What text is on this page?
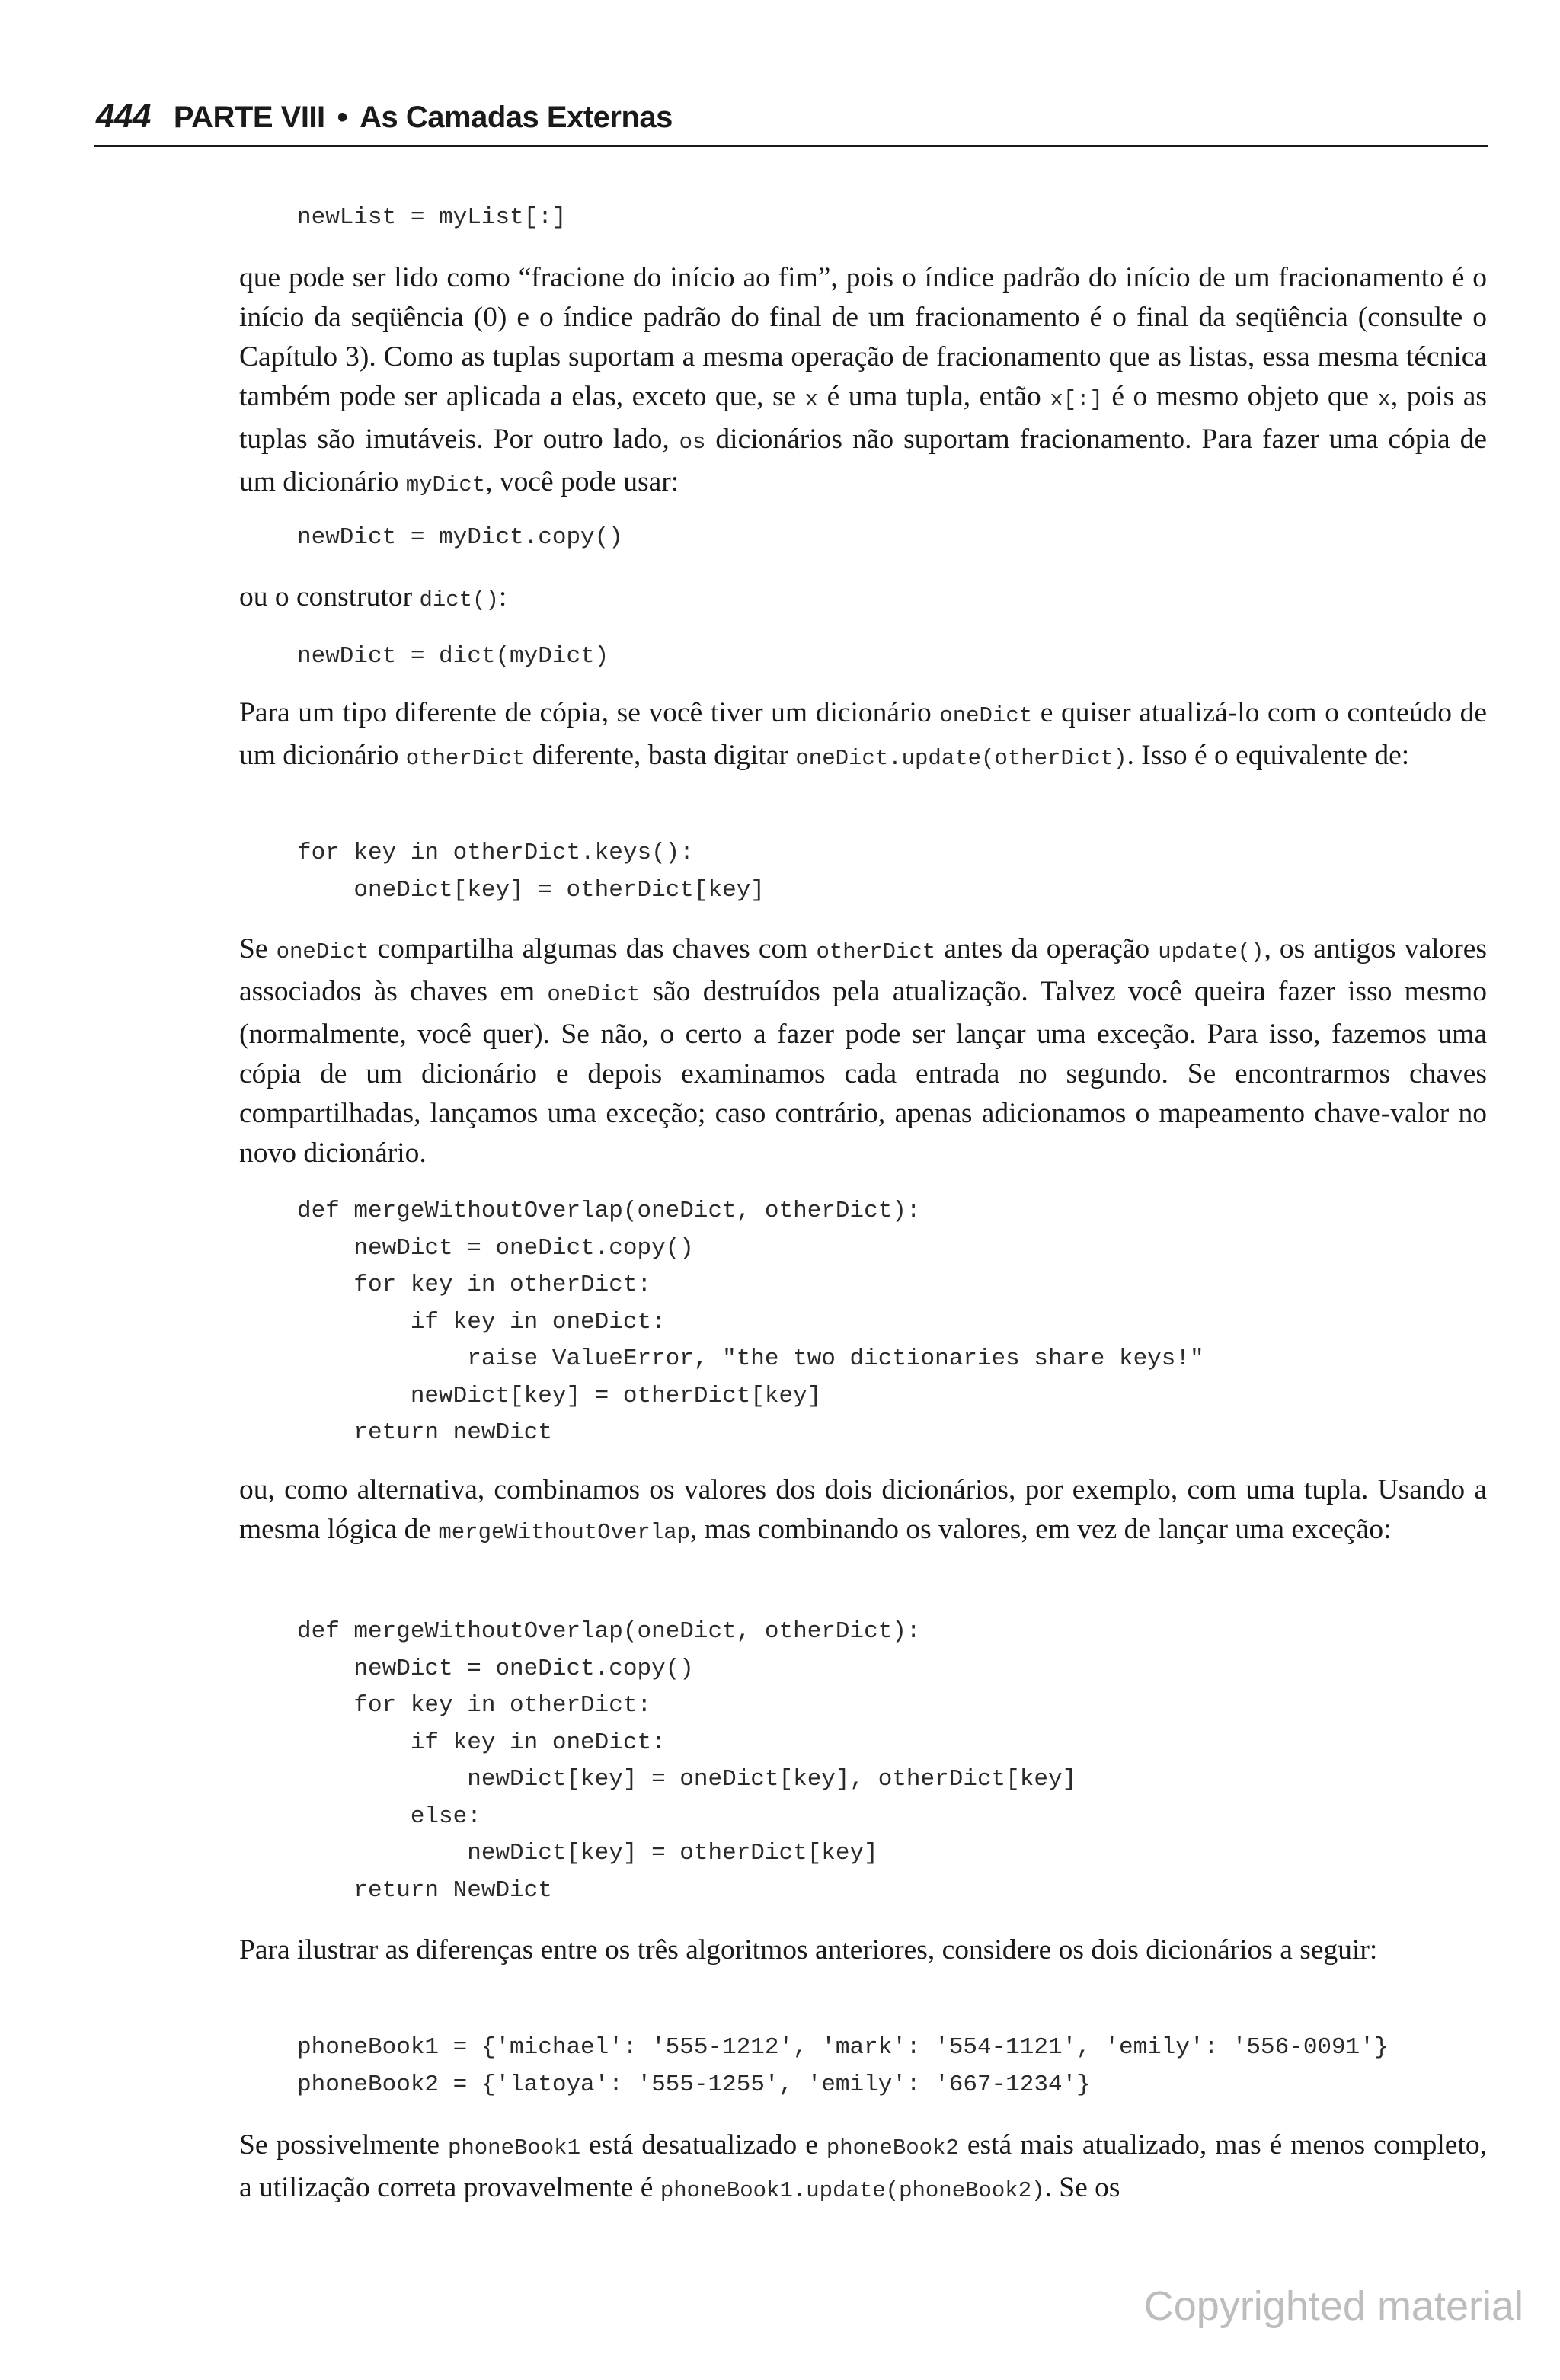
444 PARTE VIII • As Camadas Externas
newList = myList[:]

que pode ser lido como “fracione do início ao fim”, pois o índice padrão do início de um fracionamento é o início da seqüência (0) e o índice padrão do final de um fracionamento é o final da seqüência (consulte o Capítulo 3). Como as tuplas suportam a mesma operação de fracionamento que as listas, essa mesma técnica também pode ser aplicada a elas, exceto que, se x é uma tupla, então x[:] é o mesmo objeto que x, pois as tuplas são imutáveis. Por outro lado, os dicionários não suportam fracionamento. Para fazer uma cópia de um dicionário myDict, você pode usar:

newDict = myDict.copy()

ou o construtor dict():

newDict = dict(myDict)

Para um tipo diferente de cópia, se você tiver um dicionário oneDict e quiser atualizá-lo com o conteúdo de um dicionário otherDict diferente, basta digitar oneDict.update(otherDict). Isso é o equivalente de:

for key in otherDict.keys():
oneDict[key] = otherDict[key]

Se oneDict compartilha algumas das chaves com otherDict antes da operação update(), os antigos valores associados às chaves em oneDict são destruídos pela atualização. Talvez você queira fazer isso mesmo (normalmente, você quer). Se não, o certo a fazer pode ser lançar uma exceção. Para isso, fazemos uma cópia de um dicionário e depois examinamos cada entrada no segundo. Se encontrarmos chaves compartilhadas, lançamos uma exceção; caso contrário, apenas adicionamos o mapeamento chave-valor no novo dicionário.

def mergeWithoutOverlap(oneDict, otherDict):
newDict = oneDict.copy()
for key in otherDict:
if key in oneDict:
raise ValueError, "the two dictionaries share keys!"
newDict[key] = otherDict[key]
return newDict

ou, como alternativa, combinamos os valores dos dois dicionários, por exemplo, com uma tupla. Usando a mesma lógica de mergeWithoutOverlap, mas combinando os valores, em vez de lançar uma exceção:

def mergeWithoutOverlap(oneDict, otherDict):
newDict = oneDict.copy()
for key in otherDict:
if key in oneDict:
newDict[key] = oneDict[key], otherDict[key]
else:
newDict[key] = otherDict[key]
return NewDict

Para ilustrar as diferenças entre os três algoritmos anteriores, considere os dois dicionários a seguir:

phoneBook1 = {'michael': '555-1212', 'mark': '554-1121', 'emily': '556-0091'}
phoneBook2 = {'latoya': '555-1255', 'emily': '667-1234'}

Se possivelmente phoneBook1 está desatualizado e phoneBook2 está mais atualizado, mas é menos completo, a utilização correta provavelmente é phoneBook1.update(phoneBook2). Se os

Copyrighted material
